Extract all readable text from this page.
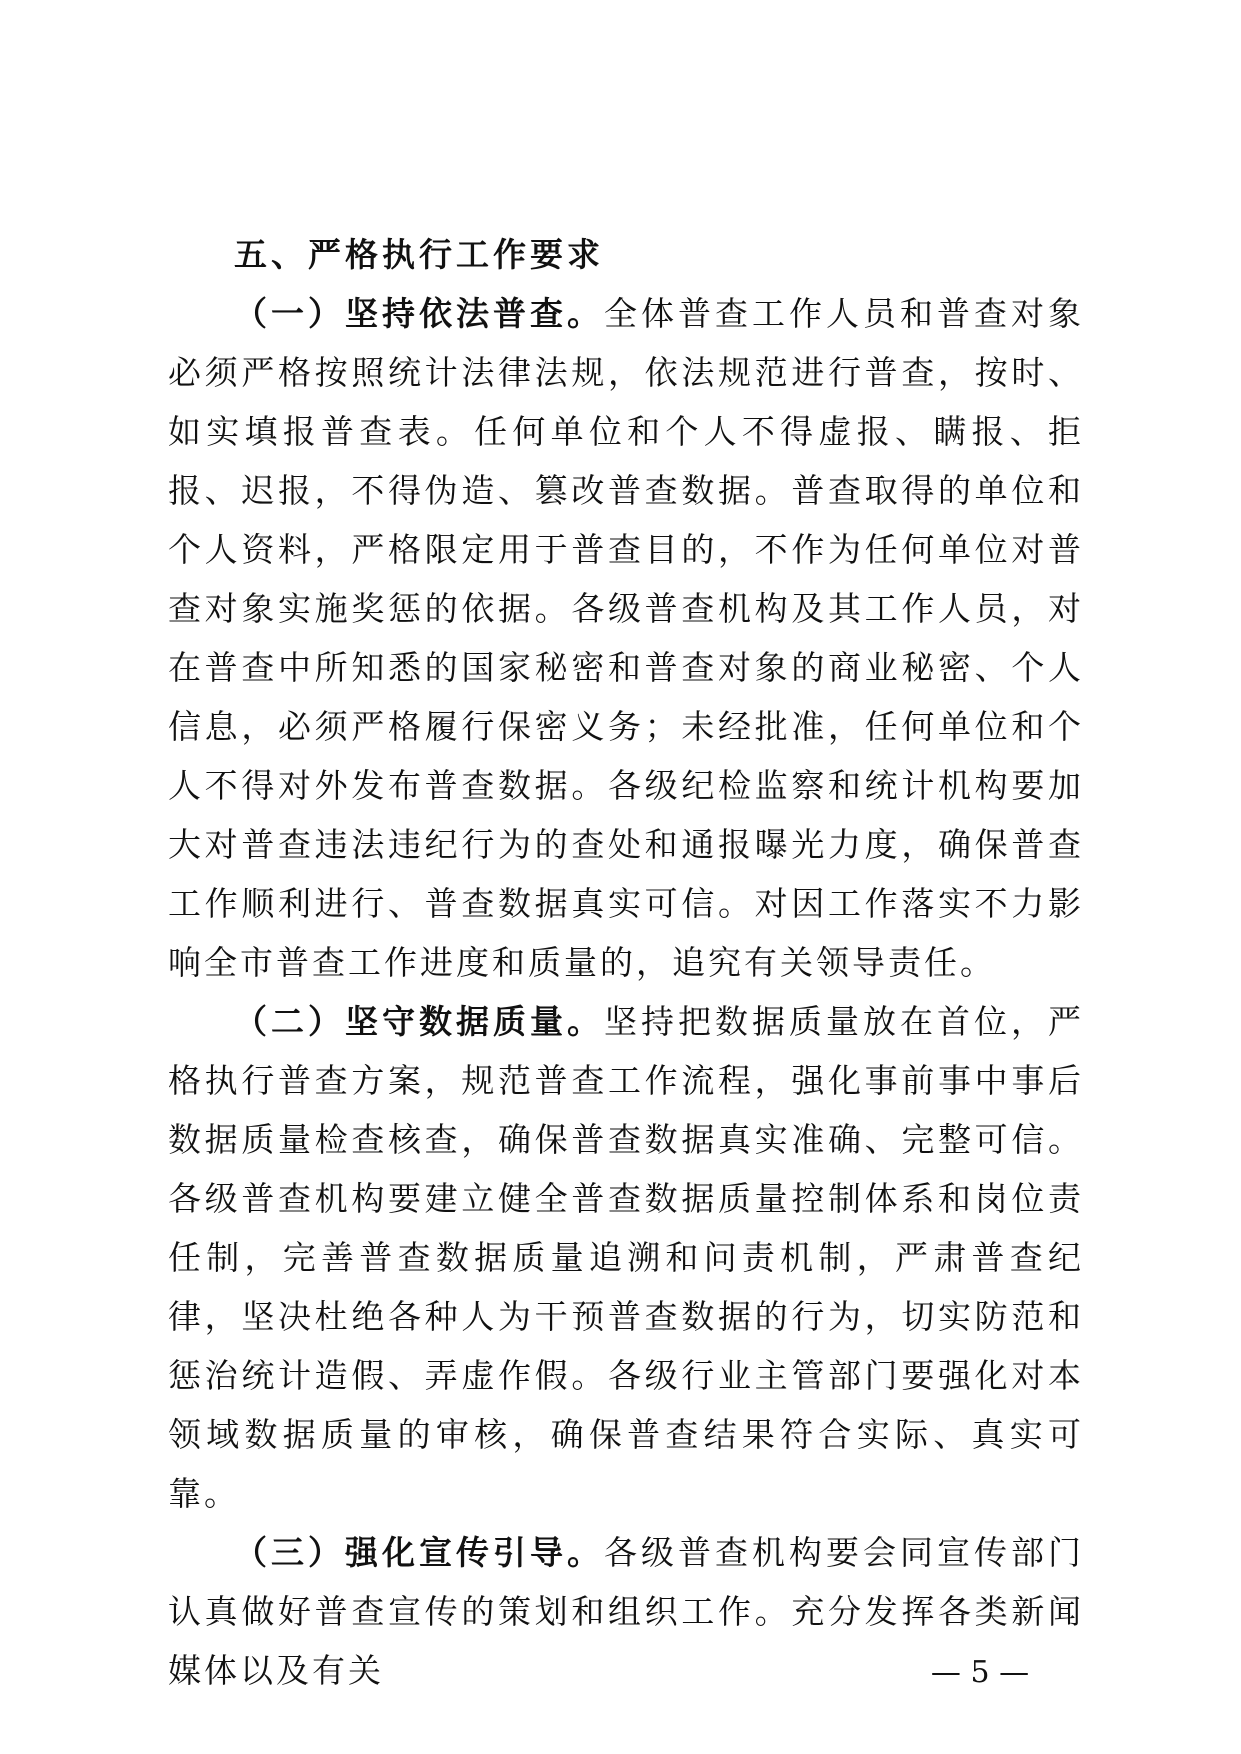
五、严格执行工作要求

（一）坚持依法普查。全体普查工作人员和普查对象必须严格按照统计法律法规，依法规范进行普查，按时、如实填报普查表。任何单位和个人不得虚报、瞒报、拒报、迟报，不得伪造、篡改普查数据。普查取得的单位和个人资料，严格限定用于普查目的，不作为任何单位对普查对象实施奖惩的依据。各级普查机构及其工作人员，对在普查中所知悉的国家秘密和普查对象的商业秘密、个人信息，必须严格履行保密义务；未经批准，任何单位和个人不得对外发布普查数据。各级纪检监察和统计机构要加大对普查违法违纪行为的查处和通报曝光力度，确保普查工作顺利进行、普查数据真实可信。对因工作落实不力影响全市普查工作进度和质量的，追究有关领导责任。

（二）坚守数据质量。坚持把数据质量放在首位，严格执行普查方案，规范普查工作流程，强化事前事中事后数据质量检查核查，确保普查数据真实准确、完整可信。各级普查机构要建立健全普查数据质量控制体系和岗位责任制，完善普查数据质量追溯和问责机制，严肃普查纪律，坚决杜绝各种人为干预普查数据的行为，切实防范和惩治统计造假、弄虚作假。各级行业主管部门要强化对本领域数据质量的审核，确保普查结果符合实际、真实可靠。

（三）强化宣传引导。各级普查机构要会同宣传部门认真做好普查宣传的策划和组织工作。充分发挥各类新闻媒体以及有关	— 5 —
